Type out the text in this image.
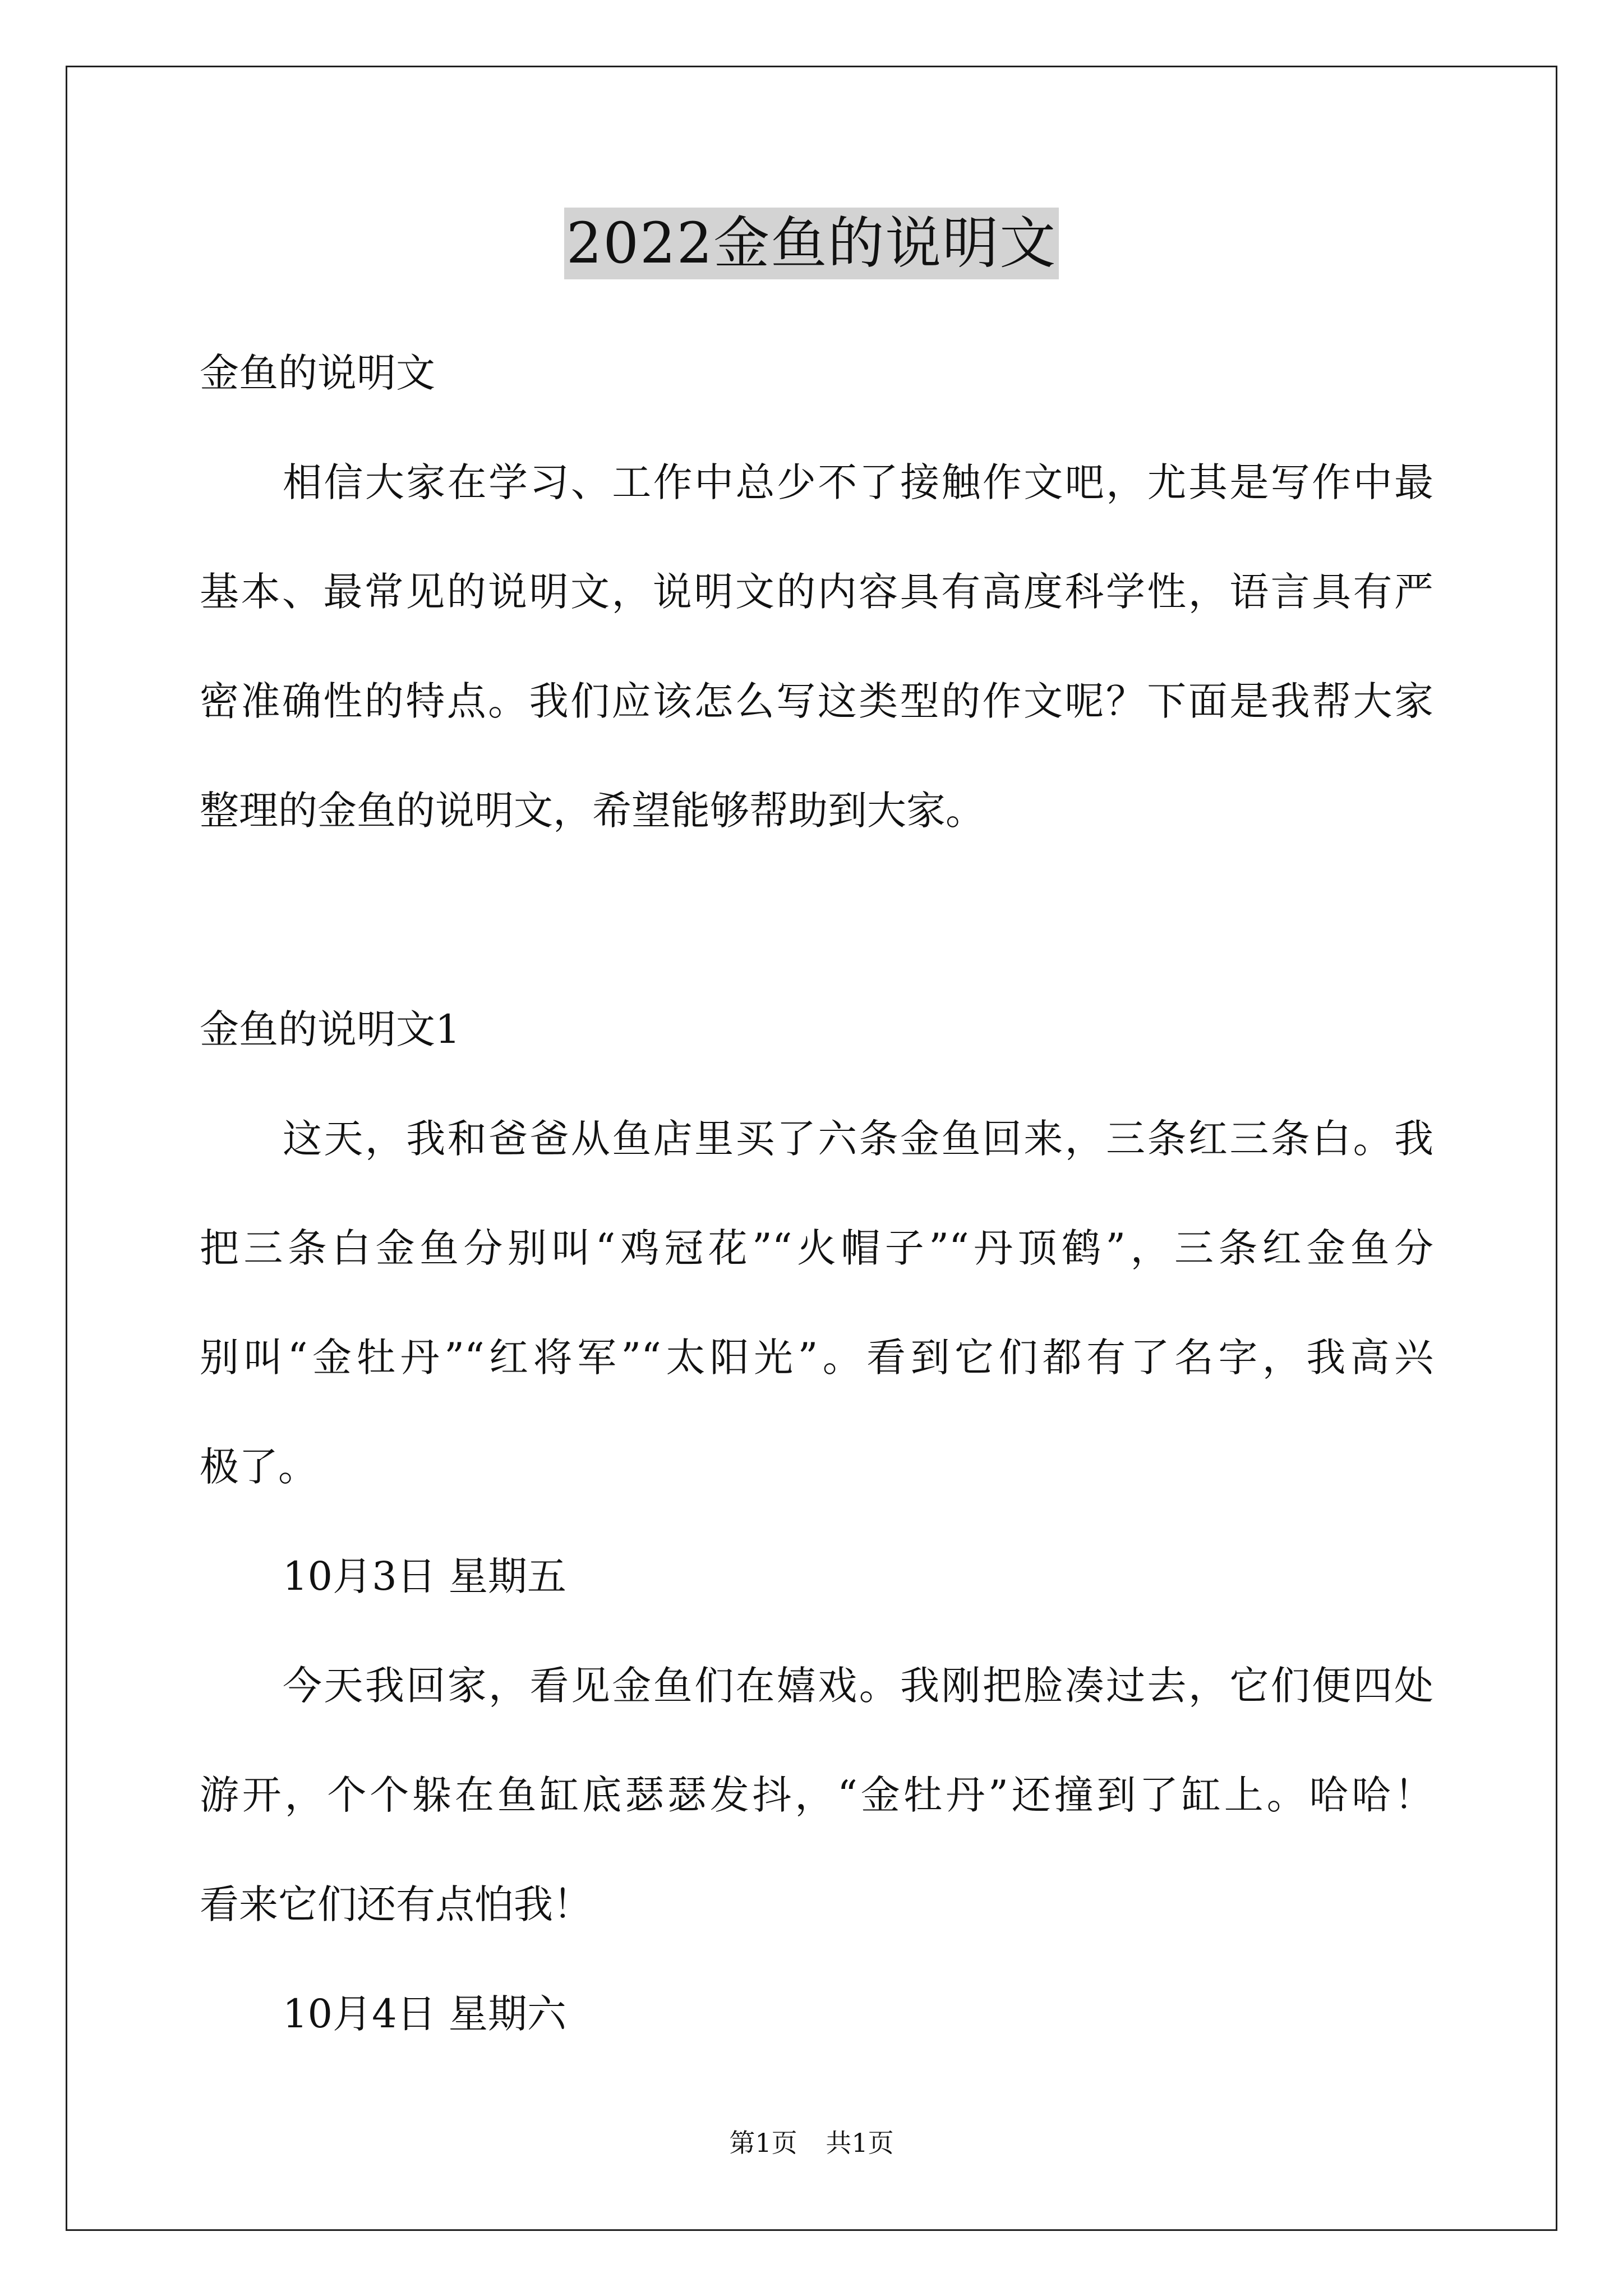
2022金鱼的说明文
金鱼的说明文
相信大家在学习、工作中总少不了接触作文吧，尤其是写作中最
基本、最常见的说明文，说明文的内容具有高度科学性，语言具有严
密准确性的特点。我们应该怎么写这类型的作文呢？下面是我帮大家
整理的金鱼的说明文，希望能够帮助到大家。
金鱼的说明文1
这天，我和爸爸从鱼店里买了六条金鱼回来，三条红三条白。我
把三条白金鱼分别叫“鸡冠花”“火帽子”“丹顶鹤”，三条红金鱼分
别叫“金牡丹”“红将军”“太阳光”。看到它们都有了名字，我高兴
极了。
10月3日 星期五
今天我回家，看见金鱼们在嬉戏。我刚把脸凑过去，它们便四处
游开，个个躲在鱼缸底瑟瑟发抖，“金牡丹”还撞到了缸上。哈哈！
看来它们还有点怕我！
10月4日 星期六
第1页 共1页
